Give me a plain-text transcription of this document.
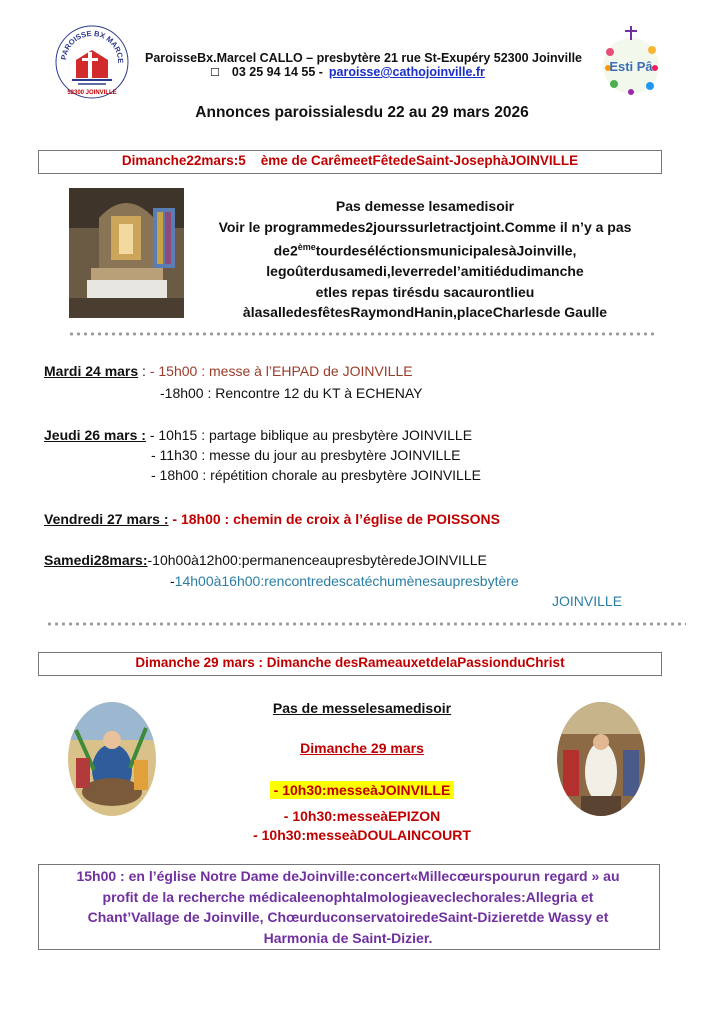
PAROISSE BX MARCE
52300 JOINVILLE
Esti Pâ
ParoisseBx.Marcel CALLO – presbytère 21 rue St-Exupéry 52300 Joinville
☐ 03 25 94 14 55 - paroisse@cathojoinville.fr
Annonces paroissialesdu 22 au 29 mars 2026
Dimanche22mars:5 ème de CarêmeetFêtedeSaint-JosephàJOINVILLE
Pas demesse lesamedisoir
Voir le programmedes2jourssurletractjoint.Comme il n’y a pas
de2èmetourdeséléctionsmunicipalesàJoinville,
legoûterdusamedi,leverredel’amitiédudimanche
etles repas tirésdu sacaurontlieu
àlasalledesfêtesRaymondHanin,placeCharlesde Gaulle
Mardi 24 mars : - 15h00 : messe à l’EHPAD de JOINVILLE
-18h00 : Rencontre 12 du KT à ECHENAY
Jeudi 26 mars : - 10h15 : partage biblique au presbytère JOINVILLE
- 11h30 : messe du jour au presbytère JOINVILLE
- 18h00 : répétition chorale au presbytère JOINVILLE
Vendredi 27 mars : - 18h00 : chemin de croix à l’église de POISSONS
Samedi28mars:-10h00à12h00:permanenceaupresbytèredeJOINVILLE
-14h00à16h00:rencontredescatéchumènesaupresbytère
JOINVILLE
Dimanche 29 mars : Dimanche desRameauxetdelaPassionduChrist
Pas de messelesamedisoir
Dimanche 29 mars
- 10h30:messeàJOINVILLE
- 10h30:messeàEPIZON
- 10h30:messeàDOULAINCOURT
15h00 : en l’église Notre Dame deJoinville:concert«Millecœurspourun regard » au
profit de la recherche médicaleenophtalmologieaveclechorales:Allegria et
Chant’Vallage de Joinville, ChœurduconservatoiredeSaint-Dizieretde Wassy et
Harmonia de Saint-Dizier.
